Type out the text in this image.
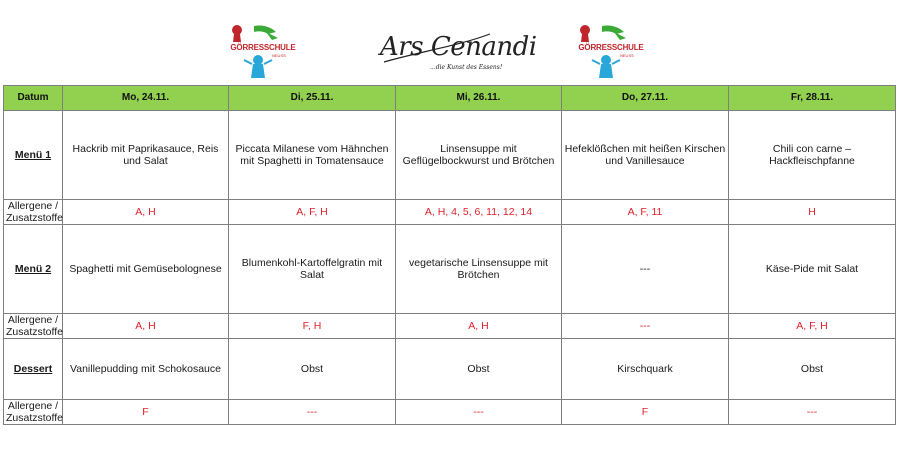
GÖRRESSCHULE
NEUSS	Ars Cenandi
...die Kunst des Essens!
GÖRRESSCHULE
NEUSS
Datum	Mo, 24.11.	Di, 25.11.	Mi, 26.11.	Do, 27.11.	Fr, 28.11.
Menü 1	Hackrib mit Paprikasauce, Reis und Salat	Piccata Milanese vom Hähnchen mit Spaghetti in Tomatensauce	Linsensuppe mit Geflügelbockwurst und Brötchen	Hefeklößchen mit heißen Kirschen und Vanillesauce	Chili con carne – Hackfleischpfanne
Allergene / Zusatzstoffe	A, H	A, F, H	A, H, 4, 5, 6, 11, 12, 14	A, F, 11	H
Menü 2	Spaghetti mit Gemüsebolognese	Blumenkohl-Kartoffelgratin mit Salat	vegetarische Linsensuppe mit Brötchen	---	Käse-Pide mit Salat
Allergene / Zusatzstoffe	A, H	F, H	A, H	---	A, F, H
Dessert	Vanillepudding mit Schokosauce	Obst	Obst	Kirschquark	Obst
Allergene / Zusatzstoffe	F	---	---	F	---
